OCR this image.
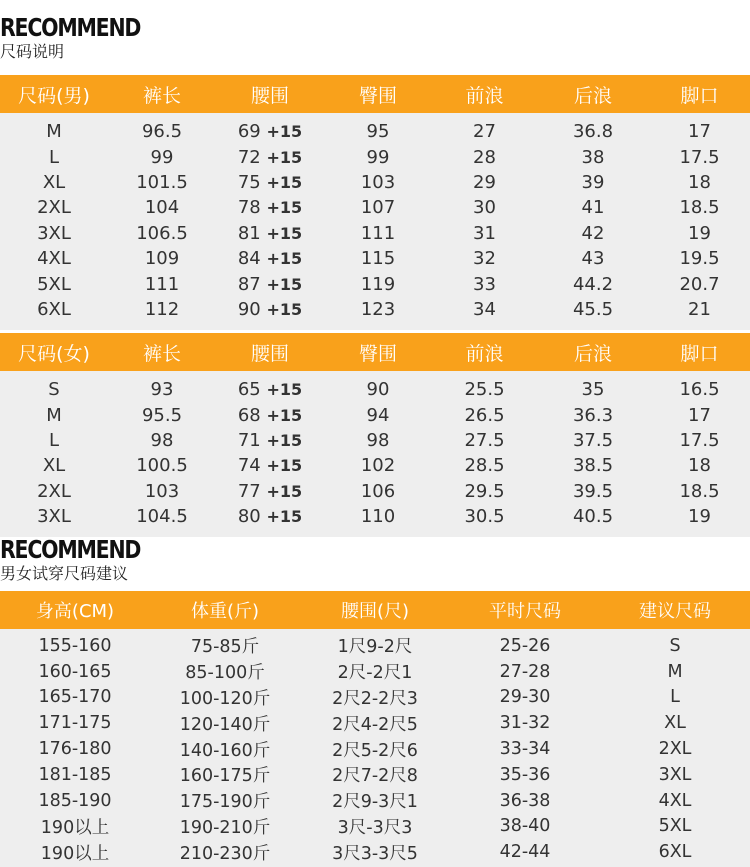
RECOMMEND
尺码说明
尺码(男)	裤长	腰围	臀围	前浪	后浪	脚口
M	96.5	69 +15	95	27	36.8	17
L	99	72 +15	99	28	38	17.5
XL	101.5	75 +15	103	29	39	18
2XL	104	78 +15	107	30	41	18.5
3XL	106.5	81 +15	111	31	42	19
4XL	109	84 +15	115	32	43	19.5
5XL	111	87 +15	119	33	44.2	20.7
6XL	112	90 +15	123	34	45.5	21
尺码(女)	裤长	腰围	臀围	前浪	后浪	脚口
S	93	65 +15	90	25.5	35	16.5
M	95.5	68 +15	94	26.5	36.3	17
L	98	71 +15	98	27.5	37.5	17.5
XL	100.5	74 +15	102	28.5	38.5	18
2XL	103	77 +15	106	29.5	39.5	18.5
3XL	104.5	80 +15	110	30.5	40.5	19
RECOMMEND
男女试穿尺码建议
身高(CM)	体重(斤)	腰围(尺)	平时尺码	建议尺码
155-160	75-85斤	1尺9-2尺	25-26	S
160-165	85-100斤	2尺-2尺1	27-28	M
165-170	100-120斤	2尺2-2尺3	29-30	L
171-175	120-140斤	2尺4-2尺5	31-32	XL
176-180	140-160斤	2尺5-2尺6	33-34	2XL
181-185	160-175斤	2尺7-2尺8	35-36	3XL
185-190	175-190斤	2尺9-3尺1	36-38	4XL
190以上	190-210斤	3尺-3尺3	38-40	5XL
190以上	210-230斤	3尺3-3尺5	42-44	6XL
